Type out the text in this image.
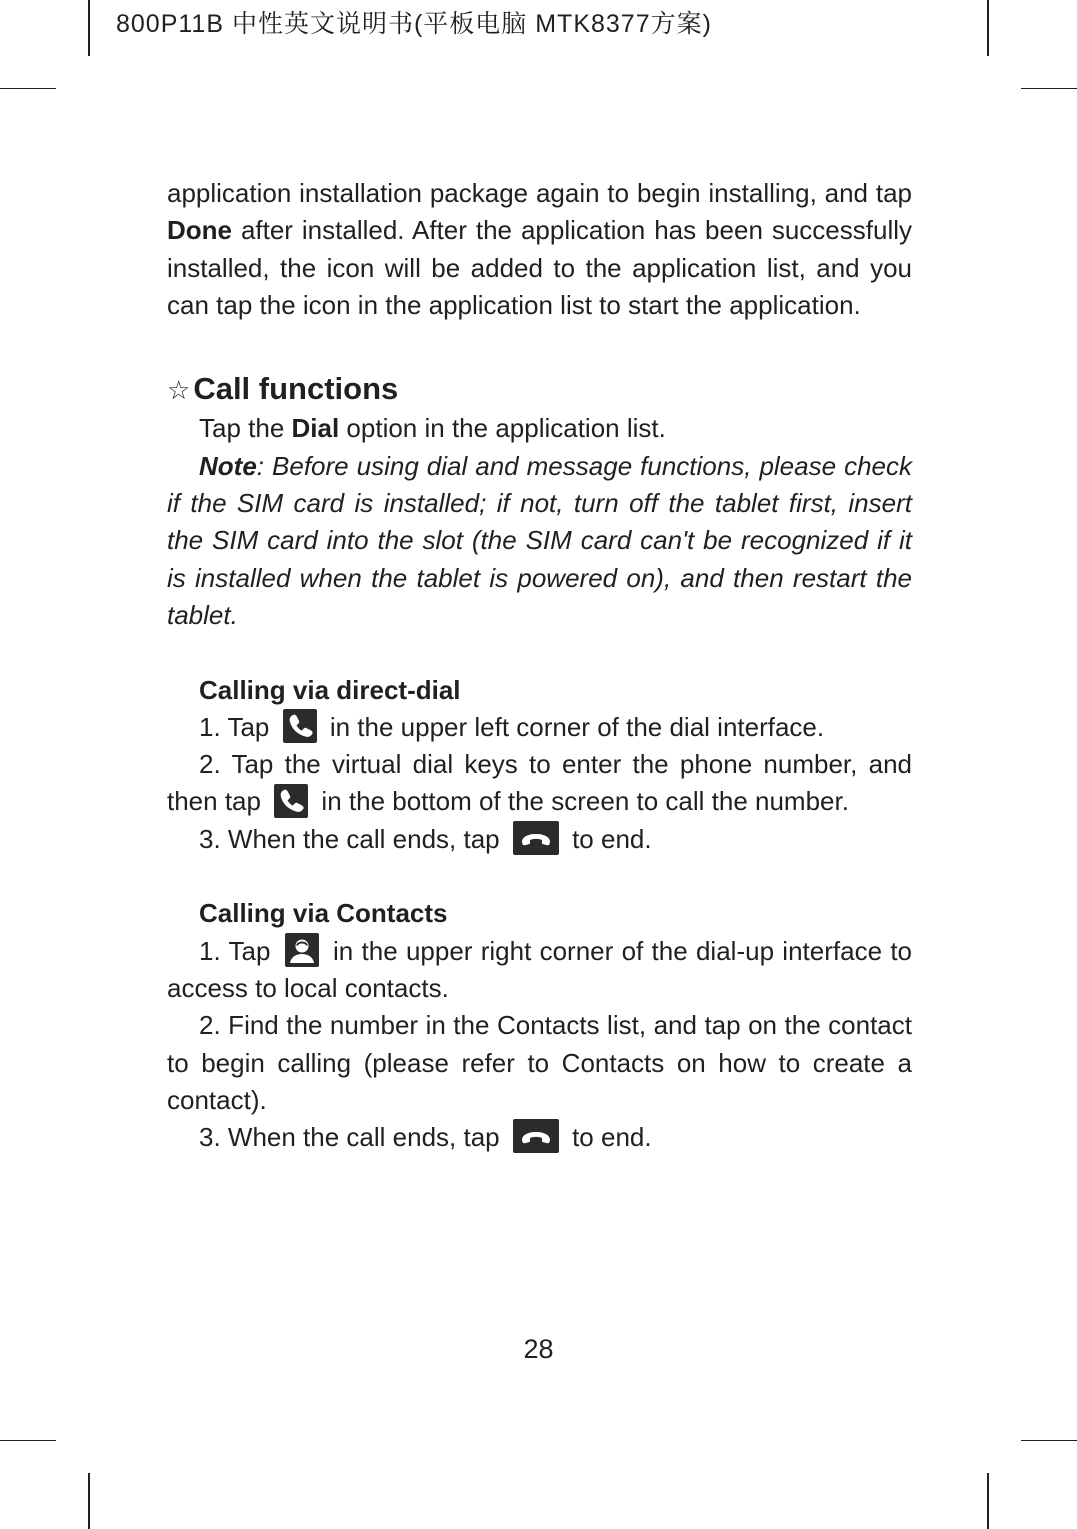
800P11B 中性英文说明书(平板电脑 MTK8377方案)

application installation package again to begin installing, and tap Done after installed. After the application has been successfully installed, the icon will be added to the application list, and you can tap the icon in the application list to start the application.

☆Call functions

Tap the Dial option in the application list.

Note: Before using dial and message functions, please check if the SIM card is installed; if not, turn off the tablet first, insert the SIM card into the slot (the SIM card can't be recognized if it is installed when the tablet is powered on), and then restart the tablet.

Calling via direct-dial

1. Tap
in the upper left corner of the dial interface.

2. Tap the virtual dial keys to enter the phone number, and then tap
in the bottom of the screen to call the number.

3. When the call ends, tap
to end.

Calling via Contacts

1. Tap
in the upper right corner of the dial-up interface to access to local contacts.

2. Find the number in the Contacts list, and tap on the contact to begin calling (please refer to Contacts on how to create a contact).

3. When the call ends, tap
to end.

28
